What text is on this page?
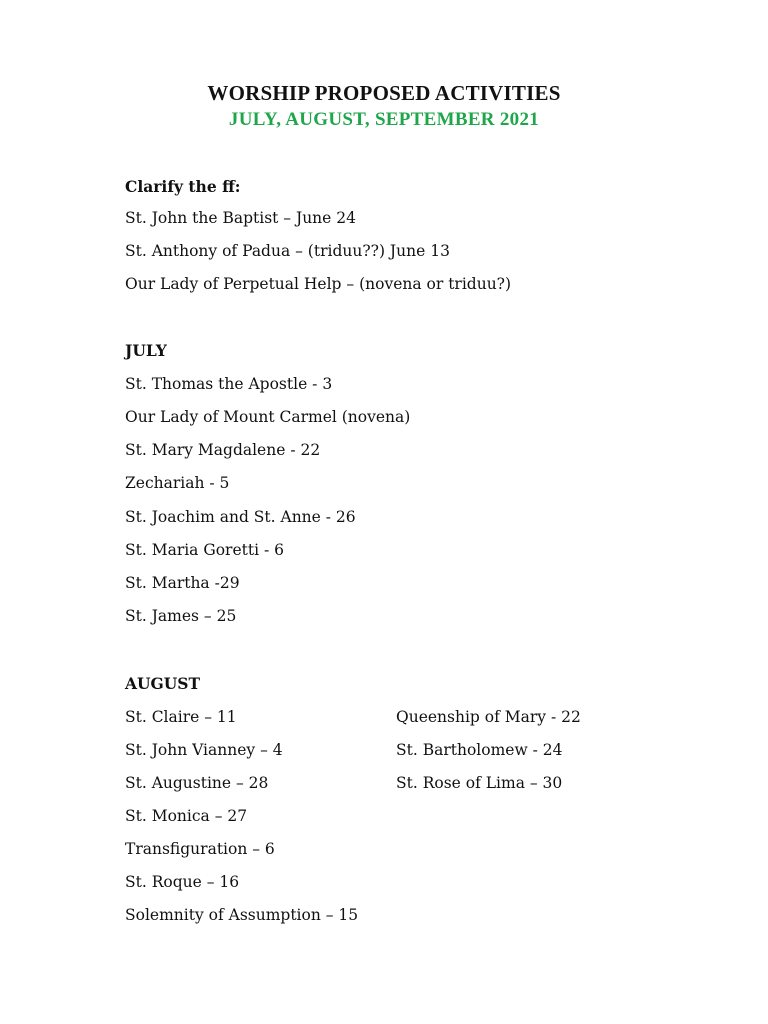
WORSHIP PROPOSED ACTIVITIES
JULY, AUGUST, SEPTEMBER 2021
Clarify the ff:
St. John the Baptist – June 24
St. Anthony of Padua – (triduu??) June 13
Our Lady of Perpetual Help – (novena or triduu?)
JULY
St. Thomas the Apostle - 3
Our Lady of Mount Carmel (novena)
St. Mary Magdalene - 22
Zechariah - 5
St. Joachim and St. Anne - 26
St. Maria Goretti - 6
St. Martha -29
St. James – 25
AUGUST
St. Claire – 11
St. John Vianney – 4
St. Augustine – 28
St. Monica – 27
Transfiguration – 6
St. Roque – 16
Solemnity of Assumption – 15
Queenship of Mary - 22
St. Bartholomew - 24
St. Rose of Lima – 30
